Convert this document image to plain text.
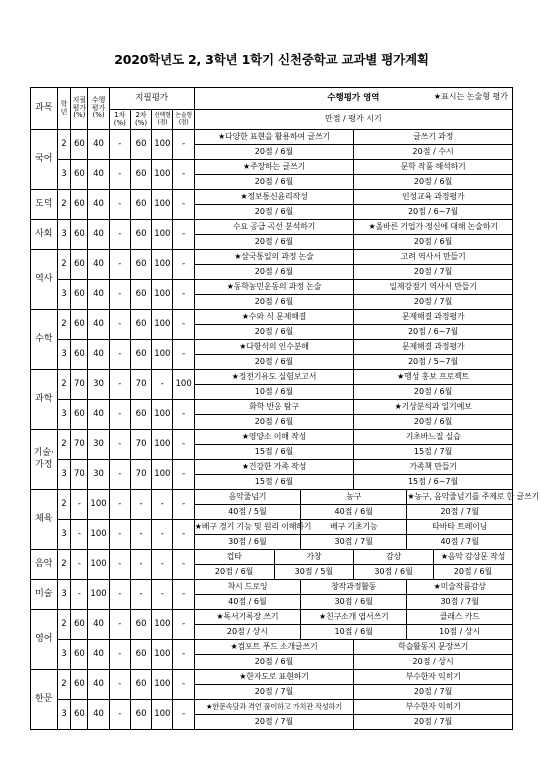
2020학년도 2, 3학년 1학기 신천중학교 교과별 평가계획
과목	학년	지필평가(%)	수행평가(%)	지필평가				수행평가 영역 ★표시는 논술형 평가					

				1차(%)	2차(%)	선택형(점)	논술형(점)	만점 / 평가 시기					
국어	2	60	40	-	60	100	-	★다양한 표현을 활용하여 글쓰기			글쓰기 과정		
								20점 / 6월			20점 / 수시		
	3	60	40	-	60	100	-	★주장하는 글쓰기			문학 작품 해석하기		
								20점 / 6월			20점 / 6월		
도덕	2	60	40	-	60	100	-	★정보통신윤리작성			인성교육 과정평가		
								20점 / 6월			20점 / 6~7월		
사회	3	60	40	-	60	100	-	수요 공급 곡선 분석하기			★올바른 기업가 정신에 대해 논술하기		
								20점 / 6월			20점 / 6월		
역사	2	60	40	-	60	100	-	★삼국통일의 과정 논술			고려 역사서 만들기		
								20점 / 6월			20점 / 7월		
	3	60	40	-	60	100	-	★동학농민운동의 과정 논술			일제강점기 역사서 만들기		
								20점 / 6월			20점 / 7월		
수학	2	60	40	-	60	100	-	★수와 식 문제해결			문제해결 과정평가		
								20점 / 6월			20점 / 6~7월		
	3	60	40	-	60	100	-	★다항식의 인수분해			문제해결 과정평가		
								20점 / 6월			20점 / 5~7월		
과학	2	70	30	-	70	-	100	★정전기유도 실험보고서			★행성 홍보 프로젝트		
								10점 / 6월			20점 / 6월		
	3	60	40	-	60	100	-	화학 반응 탐구			★기상분석과 일기예보		
								20점 / 6월			20점 / 6월		
기술·가정	2	70	30	-	70	100	-	★영양소 이해 작성			기초바느질 실습		
								15점 / 6월			15점 / 7월		
	3	70	30	-	70	100	-	★건강한 가족 작성			가족책 만들기		
								15점 / 6월			15점 / 6~7월		
체육	2	-	100	-	-	-	-	음악줄넘기		농구		★농구, 음악줄넘기를 주제로 한 글쓰기	
								40점 / 5월		40점 / 6월		20점 / 7월	
	3	-	100	-	-	-	-	★배구 경기 기능 및 원리 이해하기		배구 기초기능		타바타 트레이닝	
								30점 / 6월		30점 / 7월		40점 / 7월	
음악	2	-	100	-	-	-	-	컵타	가창		감상		★음악 감상문 작성
								20점 / 6월	30점 / 5월		30점 / 6월		20점 / 6월
미술	3	-	100	-	-	-	-	착시 드로잉		창작과정활동		★미술작품감상	
								40점 / 6월		30점 / 6월		30점 / 7월	
영어	2	60	40	-	60	100	-	★독서기록장 쓰기		★친구소개 엽서쓰기		클래스 카드	
								20점 / 상시		10점 / 6월		10점 / 상시	
	3	60	40	-	60	100	-	★컴포트 푸드 소개글쓰기			학습활동지 문장쓰기		
								20점 / 6월			20점 / 상시		
한문	2	60	40	-	60	100	-	★한자도로 표현하기			부수한자 익히기		
								20점 / 7월			20점 / 7월		
	3	60	40	-	60	100	-	★한문속담과 격언 풀이하고 가치관 작성하기			부수한자 익히기		
								20점 / 7월			20점 / 7월		
